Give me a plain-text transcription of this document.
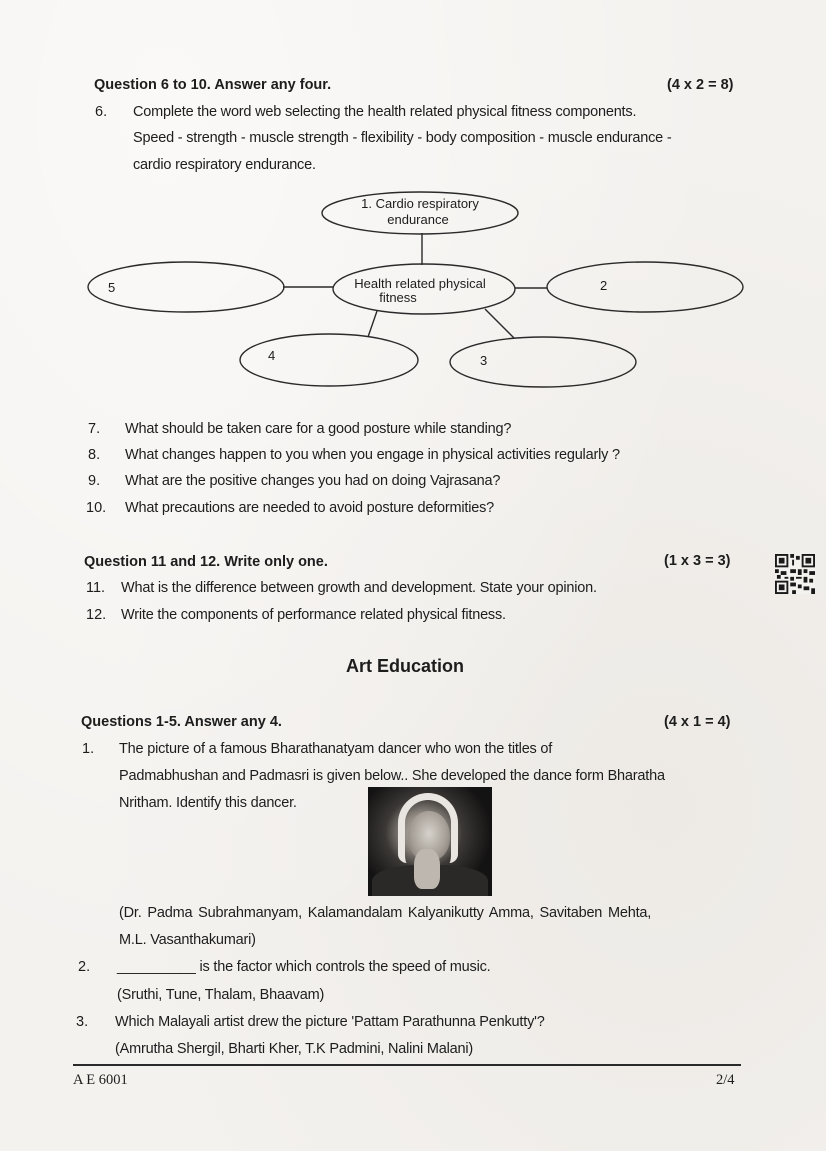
Question 6 to 10. Answer any four.	(4 x 2 = 8)
6. Complete the word web selecting the health related physical fitness components.
Speed - strength - muscle strength - flexibility - body composition - muscle endurance -
cardio respiratory endurance.
1. Cardio respiratory
endurance
Health related physical
fitness
5	2
4	3
7. What should be taken care for a good posture while standing?
8. What changes happen to you when you engage in physical activities regularly ?
9. What are the positive changes you had on doing Vajrasana?
10. What precautions are needed to avoid posture deformities?
Question 11 and 12. Write only one.	(1 x 3 = 3)
11. What is the difference between growth and development. State your opinion.
12. Write the components of performance related physical fitness.
Art Education
Questions 1-5. Answer any 4.	(4 x 1 = 4)
1. The picture of a famous Bharathanatyam dancer who won the titles of
Padmabhushan and Padmasri is given below.. She developed the dance form Bharatha
Nritham. Identify this dancer.
(Dr. Padma Subrahmanyam, Kalamandalam Kalyanikutty Amma, Savitaben Mehta,
M.L. Vasanthakumari)
2. __________ is the factor which controls the speed of music.
(Sruthi, Tune, Thalam, Bhaavam)
3. Which Malayali artist drew the picture 'Pattam Parathunna Penkutty'?
(Amrutha Shergil, Bharti Kher, T.K Padmini, Nalini Malani)
A E 6001	2/4
